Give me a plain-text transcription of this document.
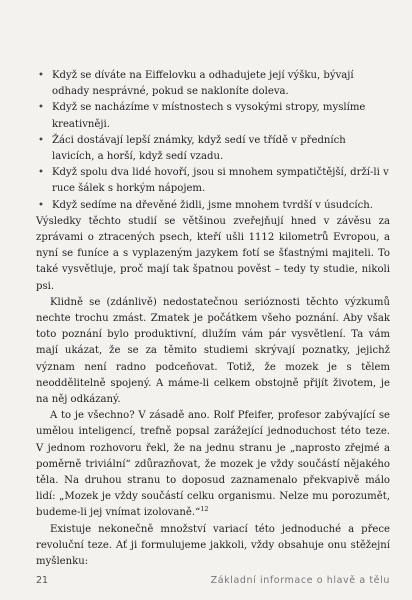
• Když se díváte na Eiffelovku a odhadujete její výšku, bývají odhady nesprávné, pokud se nakloníte doleva.
• Když se nacházíme v místnostech s vysokými stropy, myslíme kreativněji.
• Žáci dostávají lepší známky, když sedí ve třídě v předních lavicích, a horší, když sedí vzadu.
• Když spolu dva lidé hovoří, jsou si mnohem sympatičtější, drží-li v ruce šálek s horkým nápojem.
• Když sedíme na dřevěné židli, jsme mnohem tvrdší v úsudcích.

Výsledky těchto studií se většinou zveřejňují hned v závěsu za zprávami o ztracených psech, kteří ušli 1112 kilometrů Evropou, a nyní se funíce a s vyplazeným jazykem fotí se šťastnými majiteli. To také vysvětluje, proč mají tak špatnou pověst – tedy ty studie, nikoli psi.

Klidně se (zdánlivě) nedostatečnou serióznosti těchto výzkumů nechte trochu zmást. Zmatek je počátkem všeho poznání. Aby však toto poznání bylo produktivní, dlužím vám pár vysvětlení. Ta vám mají ukázat, že se za těmito studiemi skrývají poznatky, jejichž význam není radno podceňovat. Totiž, že mozek je s tělem neoddělitelně spojený. A máme-li celkem obstojně přijít životem, je na něj odkázaný.

A to je všechno? V zásadě ano. Rolf Pfeifer, profesor zabývající se umělou inteligencí, trefně popsal zarážející jednoduchost této teze. V jednom rozhovoru řekl, že na jednu stranu je „naprosto zřejmé a poměrně triviální“ zdůrazňovat, že mozek je vždy součástí nějakého těla. Na druhou stranu to doposud zaznamenalo překvapivě málo lidí: „Mozek je vždy součástí celku organismu. Nelze mu porozumět, budeme-li jej vnímat izolovaně.“$^{12}$

Existuje nekonečně množství variací této jednoduché a přece revoluční teze. Ať ji formulujeme jakkoli, vždy obsahuje onu stěžejní myšlenku:

21	Základní informace o hlavě a tělu
